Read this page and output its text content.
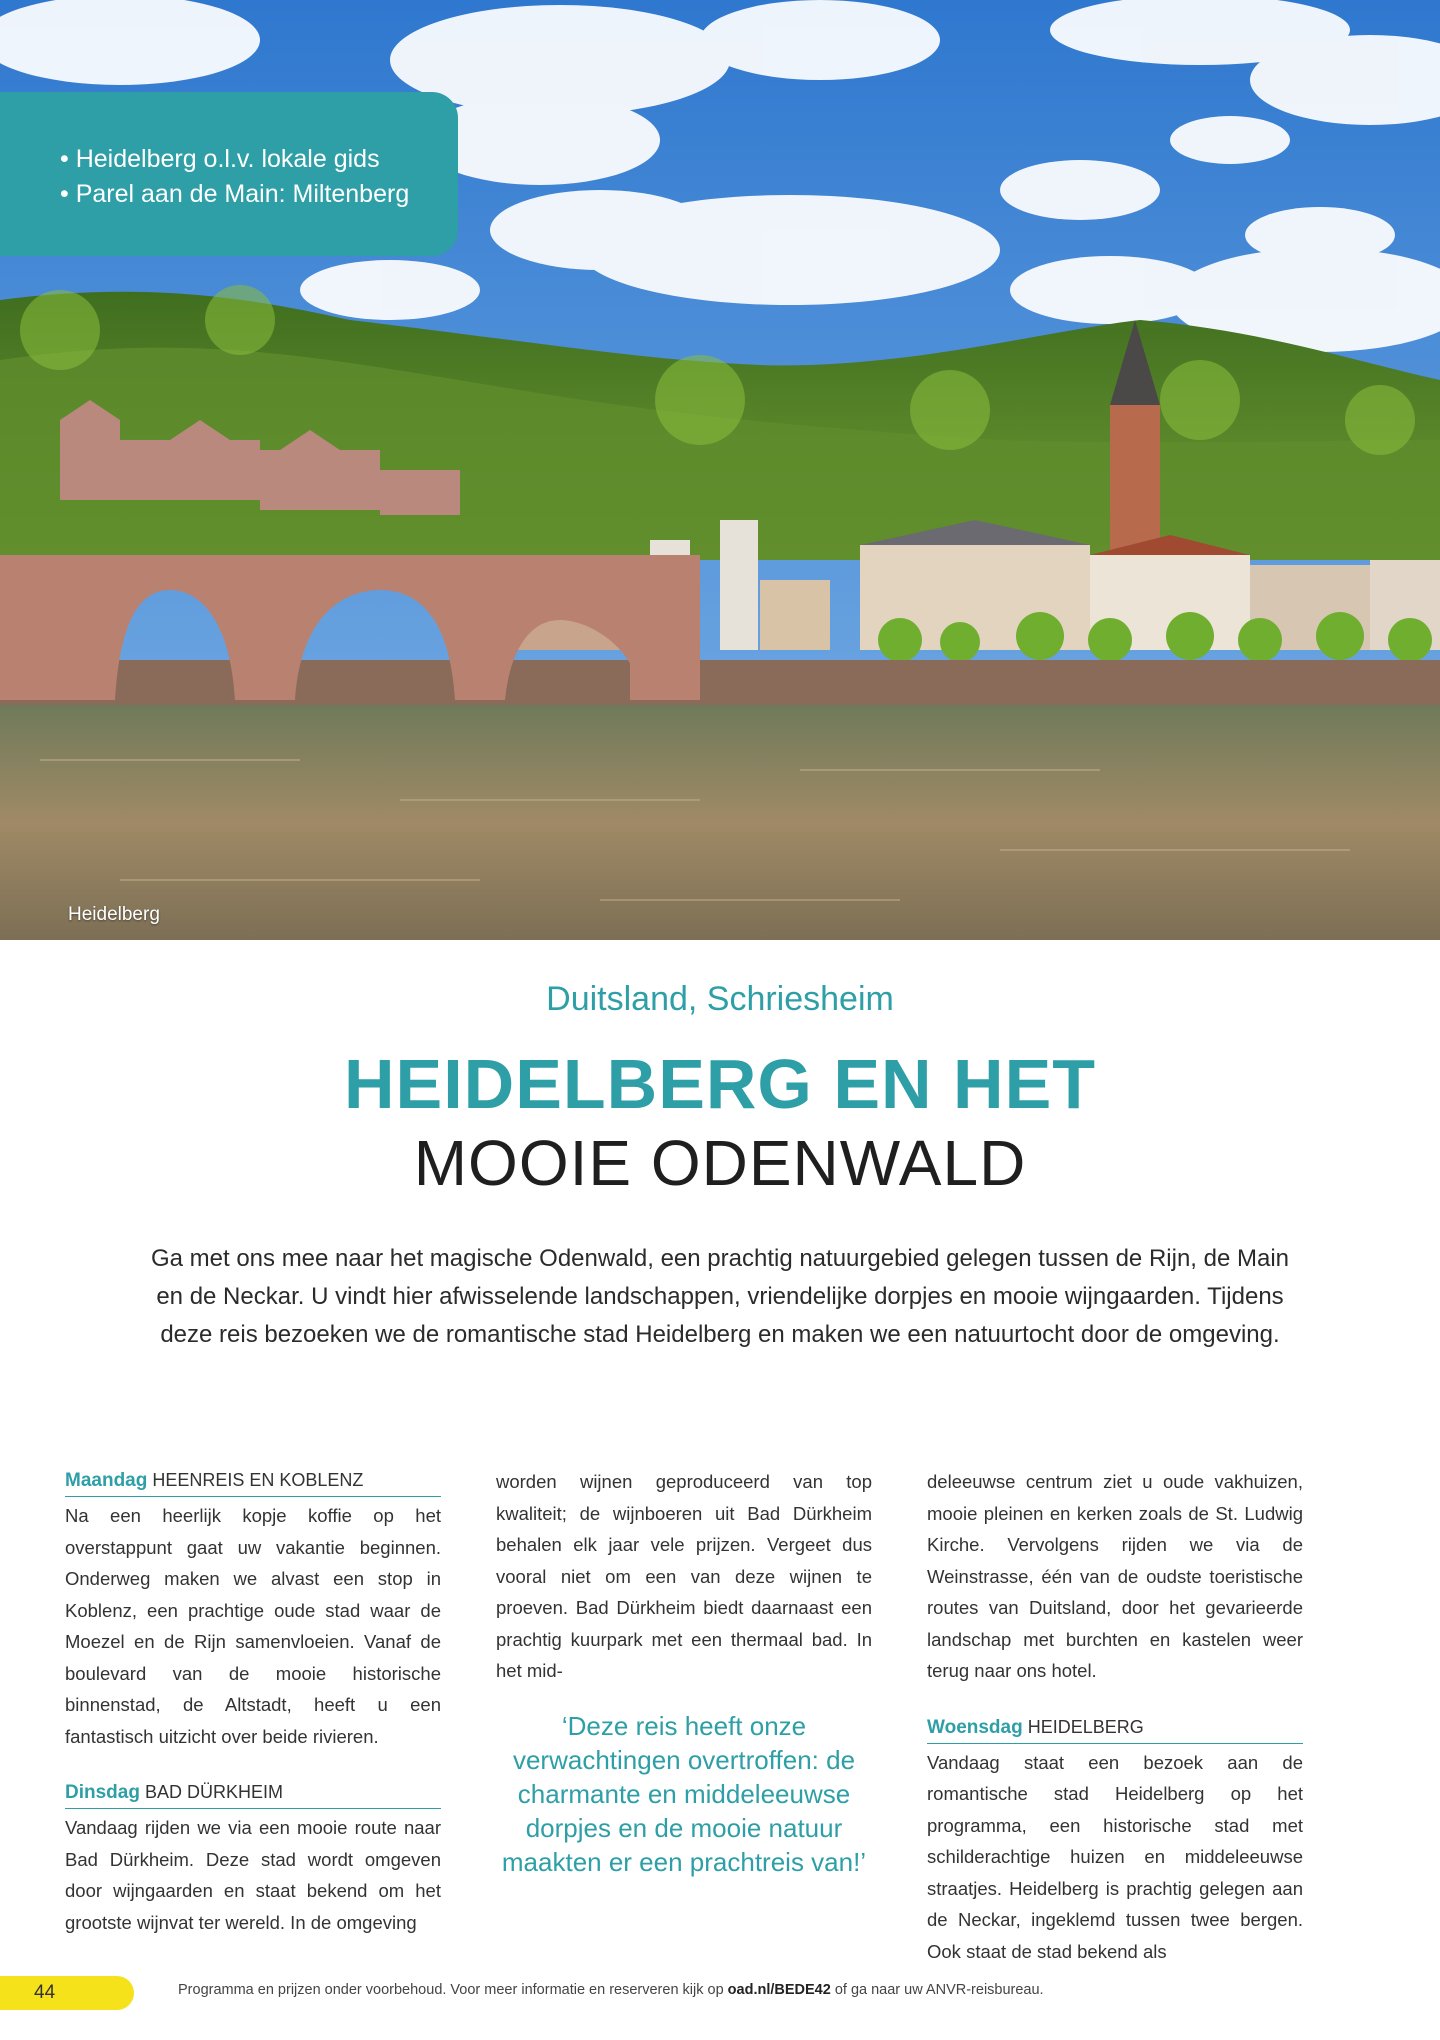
• Heidelberg o.l.v. lokale gids
• Parel aan de Main: Miltenberg
Heidelberg
Duitsland, Schriesheim
HEIDELBERG EN HET
MOOIE ODENWALD
Ga met ons mee naar het magische Odenwald, een prachtig natuurgebied gelegen tussen de Rijn, de Main en de Neckar. U vindt hier afwisselende landschappen, vriendelijke dorpjes en mooie wijngaarden. Tijdens deze reis bezoeken we de romantische stad Heidelberg en maken we een natuurtocht door de omgeving.
Maandag HEENREIS EN KOBLENZ

Na een heerlijk kopje koffie op het overstappunt gaat uw vakantie beginnen. Onderweg maken we alvast een stop in Koblenz, een prachtige oude stad waar de Moezel en de Rijn samenvloeien. Vanaf de boulevard van de mooie historische binnenstad, de Altstadt, heeft u een fantastisch uitzicht over beide rivieren.

Dinsdag BAD DÜRKHEIM

Vandaag rijden we via een mooie route naar Bad Dürkheim. Deze stad wordt omgeven door wijngaarden en staat bekend om het grootste wijnvat ter wereld. In de omgeving

worden wijnen geproduceerd van top kwaliteit; de wijnboeren uit Bad Dürkheim behalen elk jaar vele prijzen. Vergeet dus vooral niet om een van deze wijnen te proeven. Bad Dürkheim biedt daarnaast een prachtig kuurpark met een thermaal bad. In het mid-

‘Deze reis heeft onze verwachtingen overtroffen: de charmante en middeleeuwse dorpjes en de mooie natuur maakten er een prachtreis van!’

deleeuwse centrum ziet u oude vakhuizen, mooie pleinen en kerken zoals de St. Ludwig Kirche. Vervolgens rijden we via de Weinstrasse, één van de oudste toeristische routes van Duitsland, door het gevarieerde landschap met burchten en kastelen weer terug naar ons hotel.

Woensdag HEIDELBERG

Vandaag staat een bezoek aan de romantische stad Heidelberg op het programma, een historische stad met schilderachtige huizen en middeleeuwse straatjes. Heidelberg is prachtig gelegen aan de Neckar, ingeklemd tussen twee bergen. Ook staat de stad bekend als

44	Programma en prijzen onder voorbehoud. Voor meer informatie en reserveren kijk op oad.nl/BEDE42 of ga naar uw ANVR-reisbureau.
